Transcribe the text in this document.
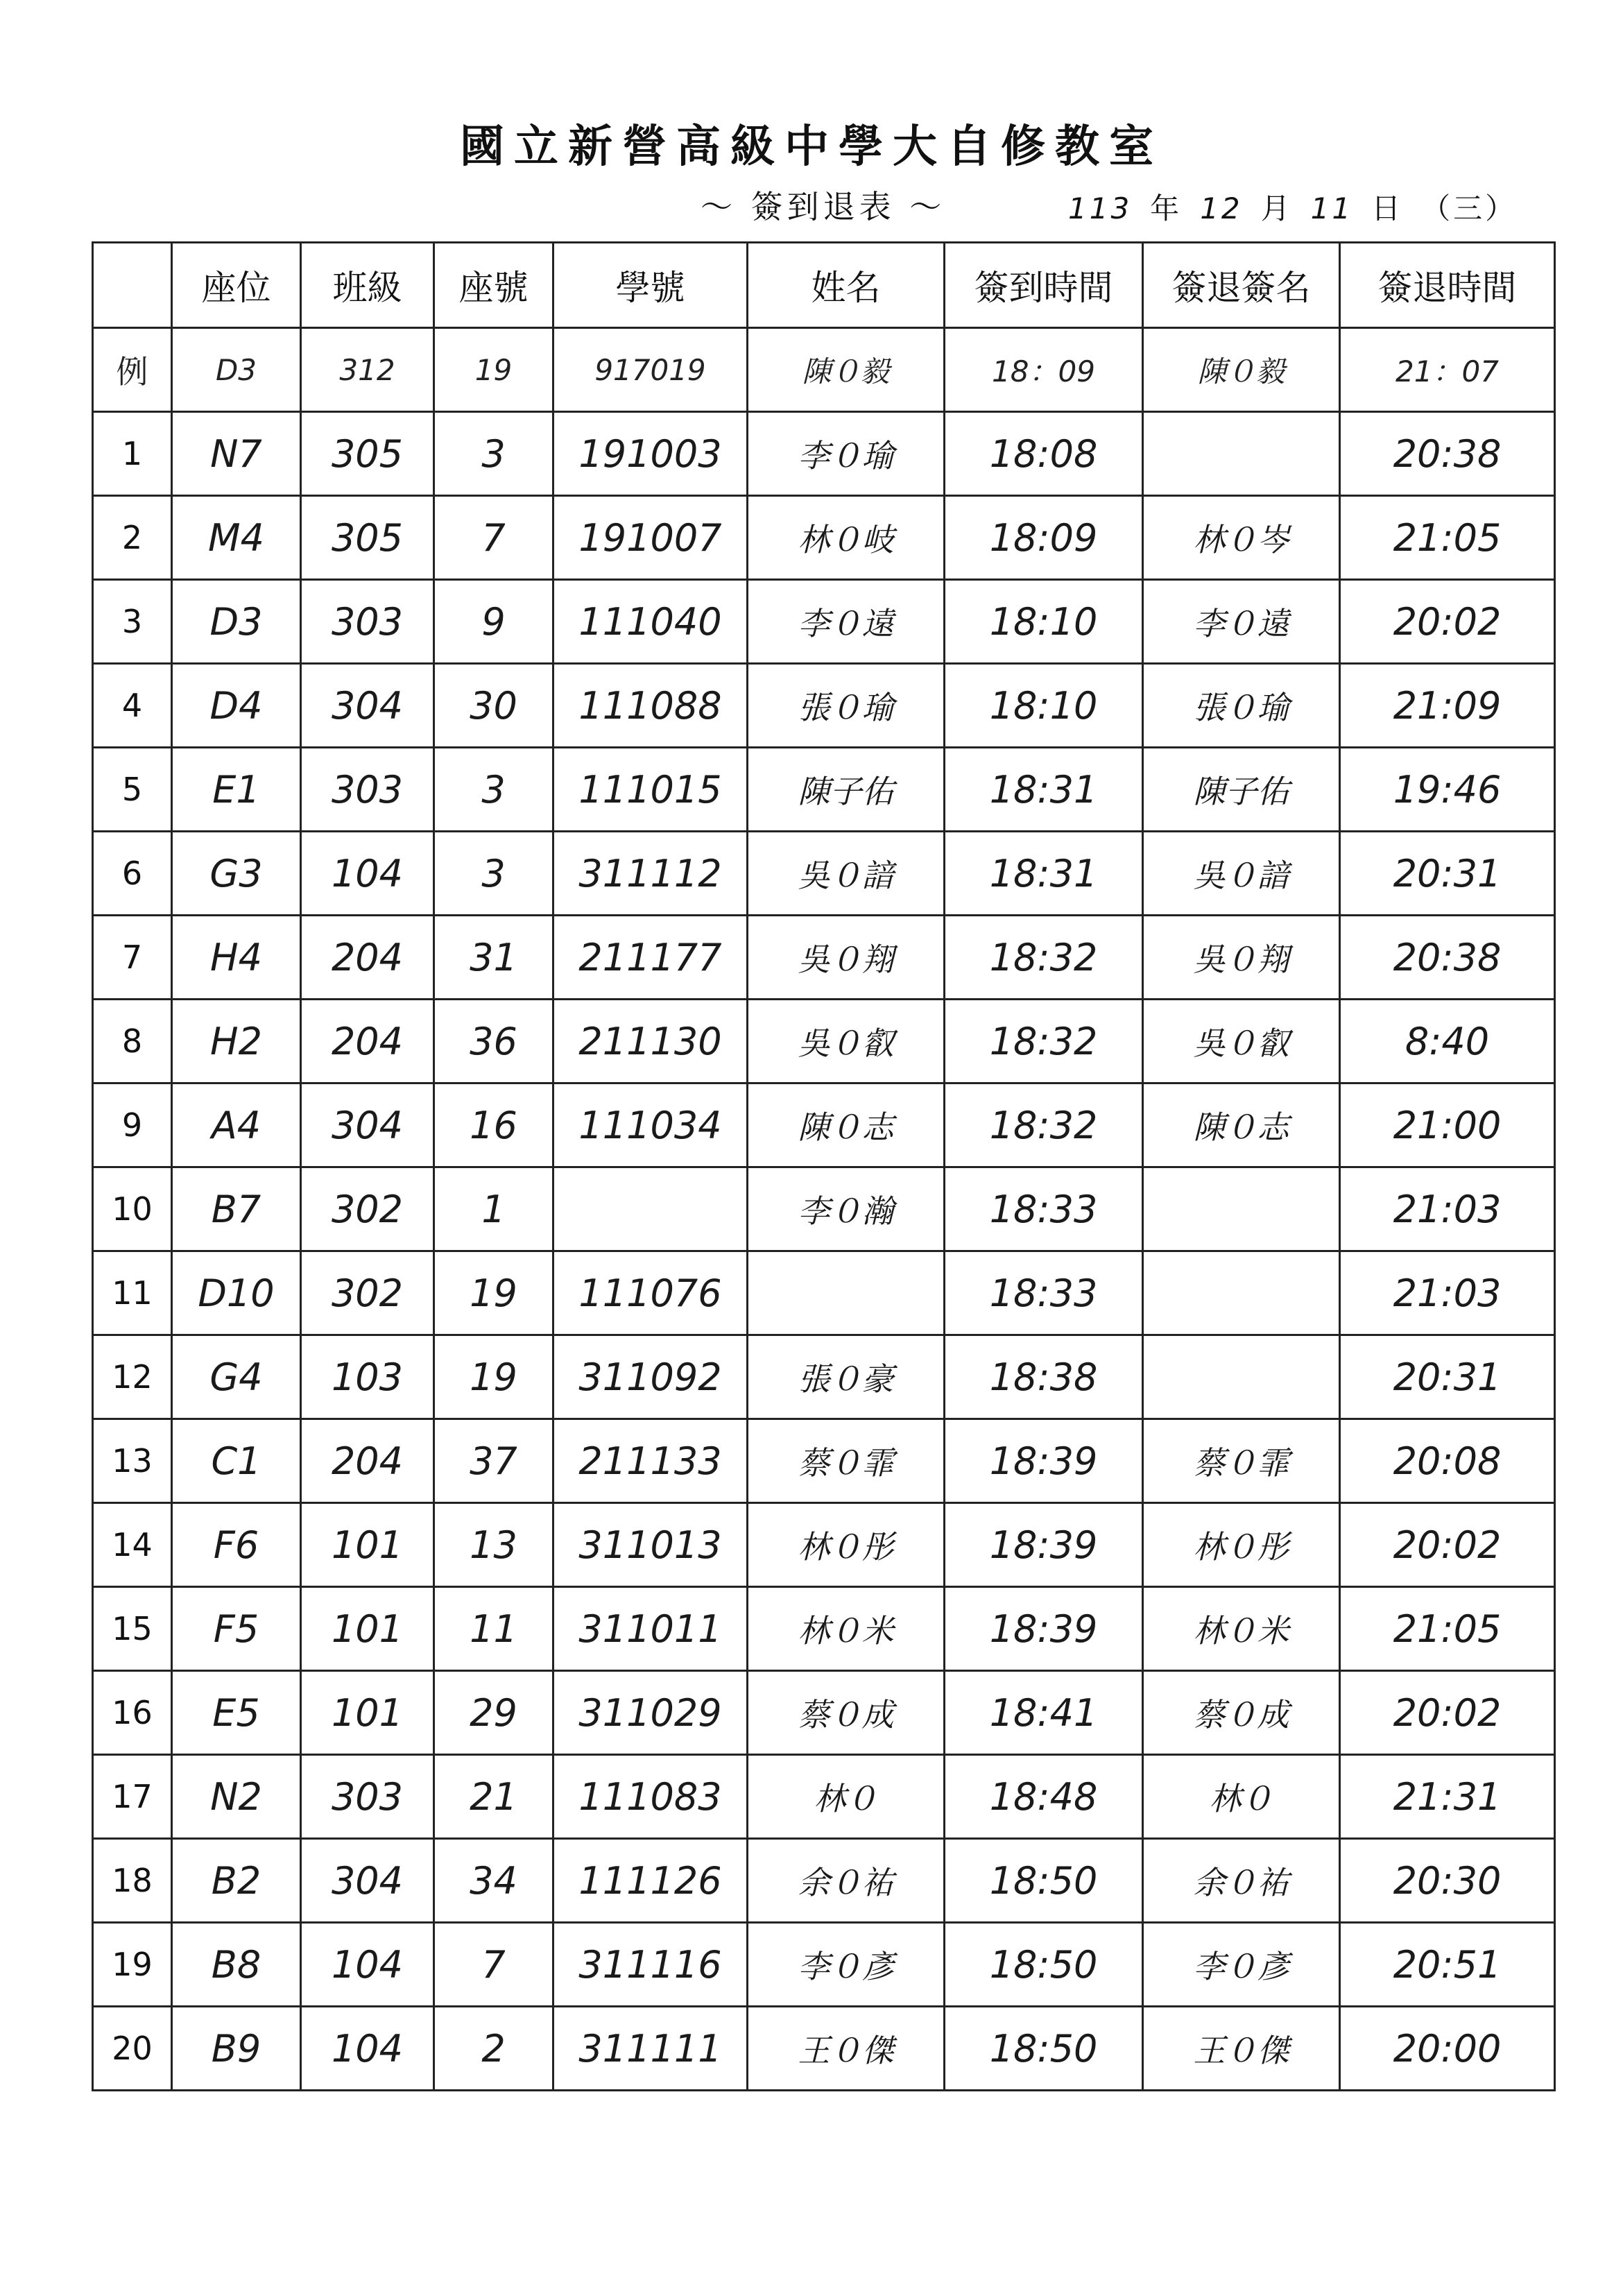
國立新營高級中學大自修教室
～ 簽到退表 ～	113 年 12 月 11 日 （三）
	座位	班級	座號	學號	姓名	簽到時間	簽退簽名	簽退時間
例	D3	312	19	917019	陳０毅	18：09	陳０毅	21：07
1	N7	305	3	191003	李０瑜	18:08		20:38
2	M4	305	7	191007	林０岐	18:09	林０岑	21:05
3	D3	303	9	111040	李０遠	18:10	李０遠	20:02
4	D4	304	30	111088	張０瑜	18:10	張０瑜	21:09
5	E1	303	3	111015	陳子佑	18:31	陳子佑	19:46
6	G3	104	3	311112	吳０諳	18:31	吳０諳	20:31
7	H4	204	31	211177	吳０翔	18:32	吳０翔	20:38
8	H2	204	36	211130	吳０叡	18:32	吳０叡	8:40
9	A4	304	16	111034	陳０志	18:32	陳０志	21:00
10	B7	302	1		李０瀚	18:33		21:03
11	D10	302	19	111076		18:33		21:03
12	G4	103	19	311092	張０豪	18:38		20:31
13	C1	204	37	211133	蔡０霏	18:39	蔡０霏	20:08
14	F6	101	13	311013	林０彤	18:39	林０彤	20:02
15	F5	101	11	311011	林０米	18:39	林０米	21:05
16	E5	101	29	311029	蔡０成	18:41	蔡０成	20:02
17	N2	303	21	111083	林０	18:48	林０	21:31
18	B2	304	34	111126	余０祐	18:50	余０祐	20:30
19	B8	104	7	311116	李０彥	18:50	李０彥	20:51
20	B9	104	2	311111	王０傑	18:50	王０傑	20:00
